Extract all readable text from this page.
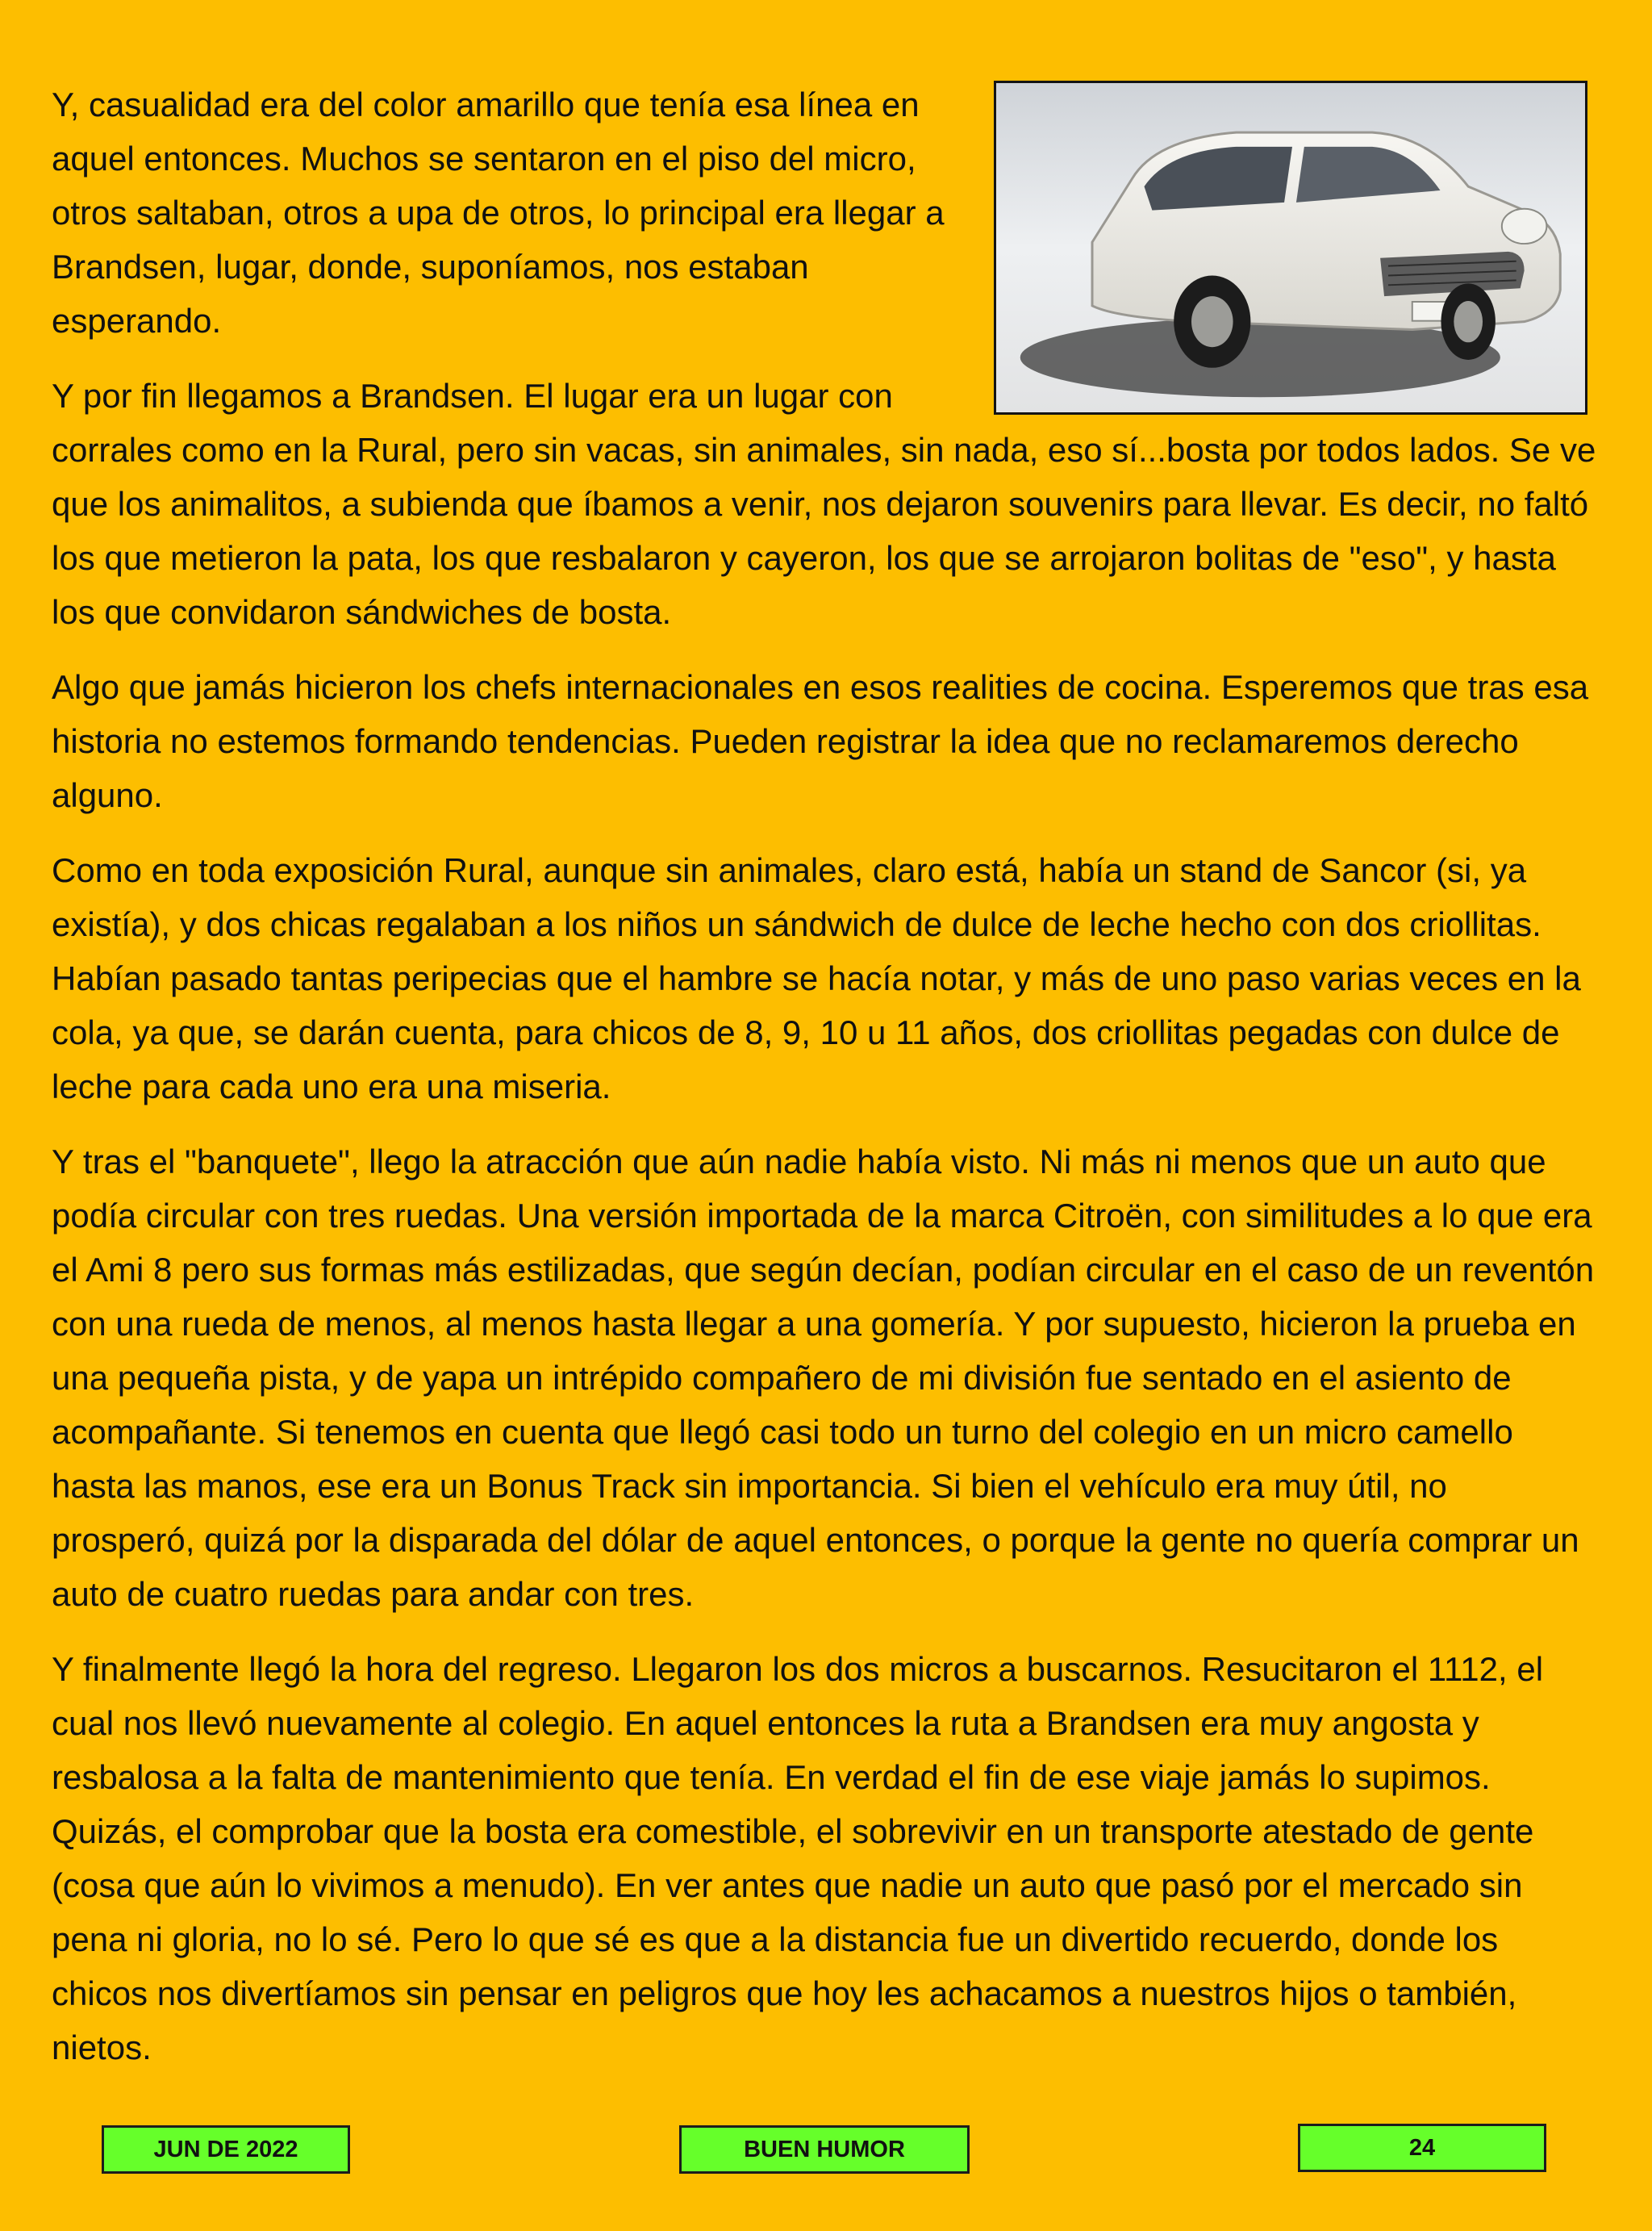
Y, casualidad era del color amarillo que tenía esa línea en aquel entonces. Muchos se sentaron en el piso del micro, otros saltaban, otros a upa de otros, lo principal era llegar a Brandsen, lugar, donde, suponíamos, nos estaban esperando.

Y por fin llegamos a Brandsen. El lugar era un lugar con
corrales como en la Rural, pero sin vacas, sin animales, sin nada, eso sí...bosta por todos lados. Se ve que los animalitos, a subienda que íbamos a venir, nos dejaron souvenirs para llevar. Es decir, no faltó los que metieron la pata, los que resbalaron y cayeron, los que se arrojaron bolitas de "eso", y hasta los que convidaron sándwiches de bosta.

Algo que jamás hicieron los chefs internacionales en esos realities de cocina. Esperemos que tras esa historia no estemos formando tendencias. Pueden registrar la idea que no reclamaremos derecho alguno.

Como en toda exposición Rural, aunque sin animales, claro está, había un stand de Sancor (si, ya existía), y dos chicas regalaban a los niños un sándwich de dulce de leche hecho con dos criollitas. Habían pasado tantas peripecias que el hambre se hacía notar, y más de uno paso varias veces en la cola, ya que, se darán cuenta, para chicos de 8, 9, 10 u 11 años, dos criollitas pegadas con dulce de leche para cada uno era una miseria.

Y tras el "banquete", llego la atracción que aún nadie había visto. Ni más ni menos que un auto que podía circular con tres ruedas. Una versión importada de la marca Citroën, con similitudes a lo que era el Ami 8 pero sus formas más estilizadas, que según decían, podían circular en el caso de un reventón con una rueda de menos, al menos hasta llegar a una gomería. Y por supuesto, hicieron la prueba en una pequeña pista, y de yapa un intrépido compañero de mi división fue sentado en el asiento de acompañante. Si tenemos en cuenta que llegó casi todo un turno del colegio en un micro camello hasta las manos, ese era un Bonus Track sin importancia. Si bien el vehículo era muy útil, no prosperó, quizá por la disparada del dólar de aquel entonces, o porque la gente no quería comprar un auto de cuatro ruedas para andar con tres.

Y finalmente llegó la hora del regreso. Llegaron los dos micros a buscarnos. Resucitaron el 1112, el cual nos llevó nuevamente al colegio. En aquel entonces la ruta a Brandsen era muy angosta y resbalosa a la falta de mantenimiento que tenía. En verdad el fin de ese viaje jamás lo supimos. Quizás, el comprobar que la bosta era comestible, el sobrevivir en un transporte atestado de gente (cosa que aún lo vivimos a menudo). En ver antes que nadie un auto que pasó por el mercado sin pena ni gloria, no lo sé. Pero lo que sé es que a la distancia fue un divertido recuerdo, donde los chicos nos divertíamos sin pensar en peligros que hoy les achacamos a nuestros hijos o también, nietos.

JUN DE 2022	BUEN HUMOR	24
